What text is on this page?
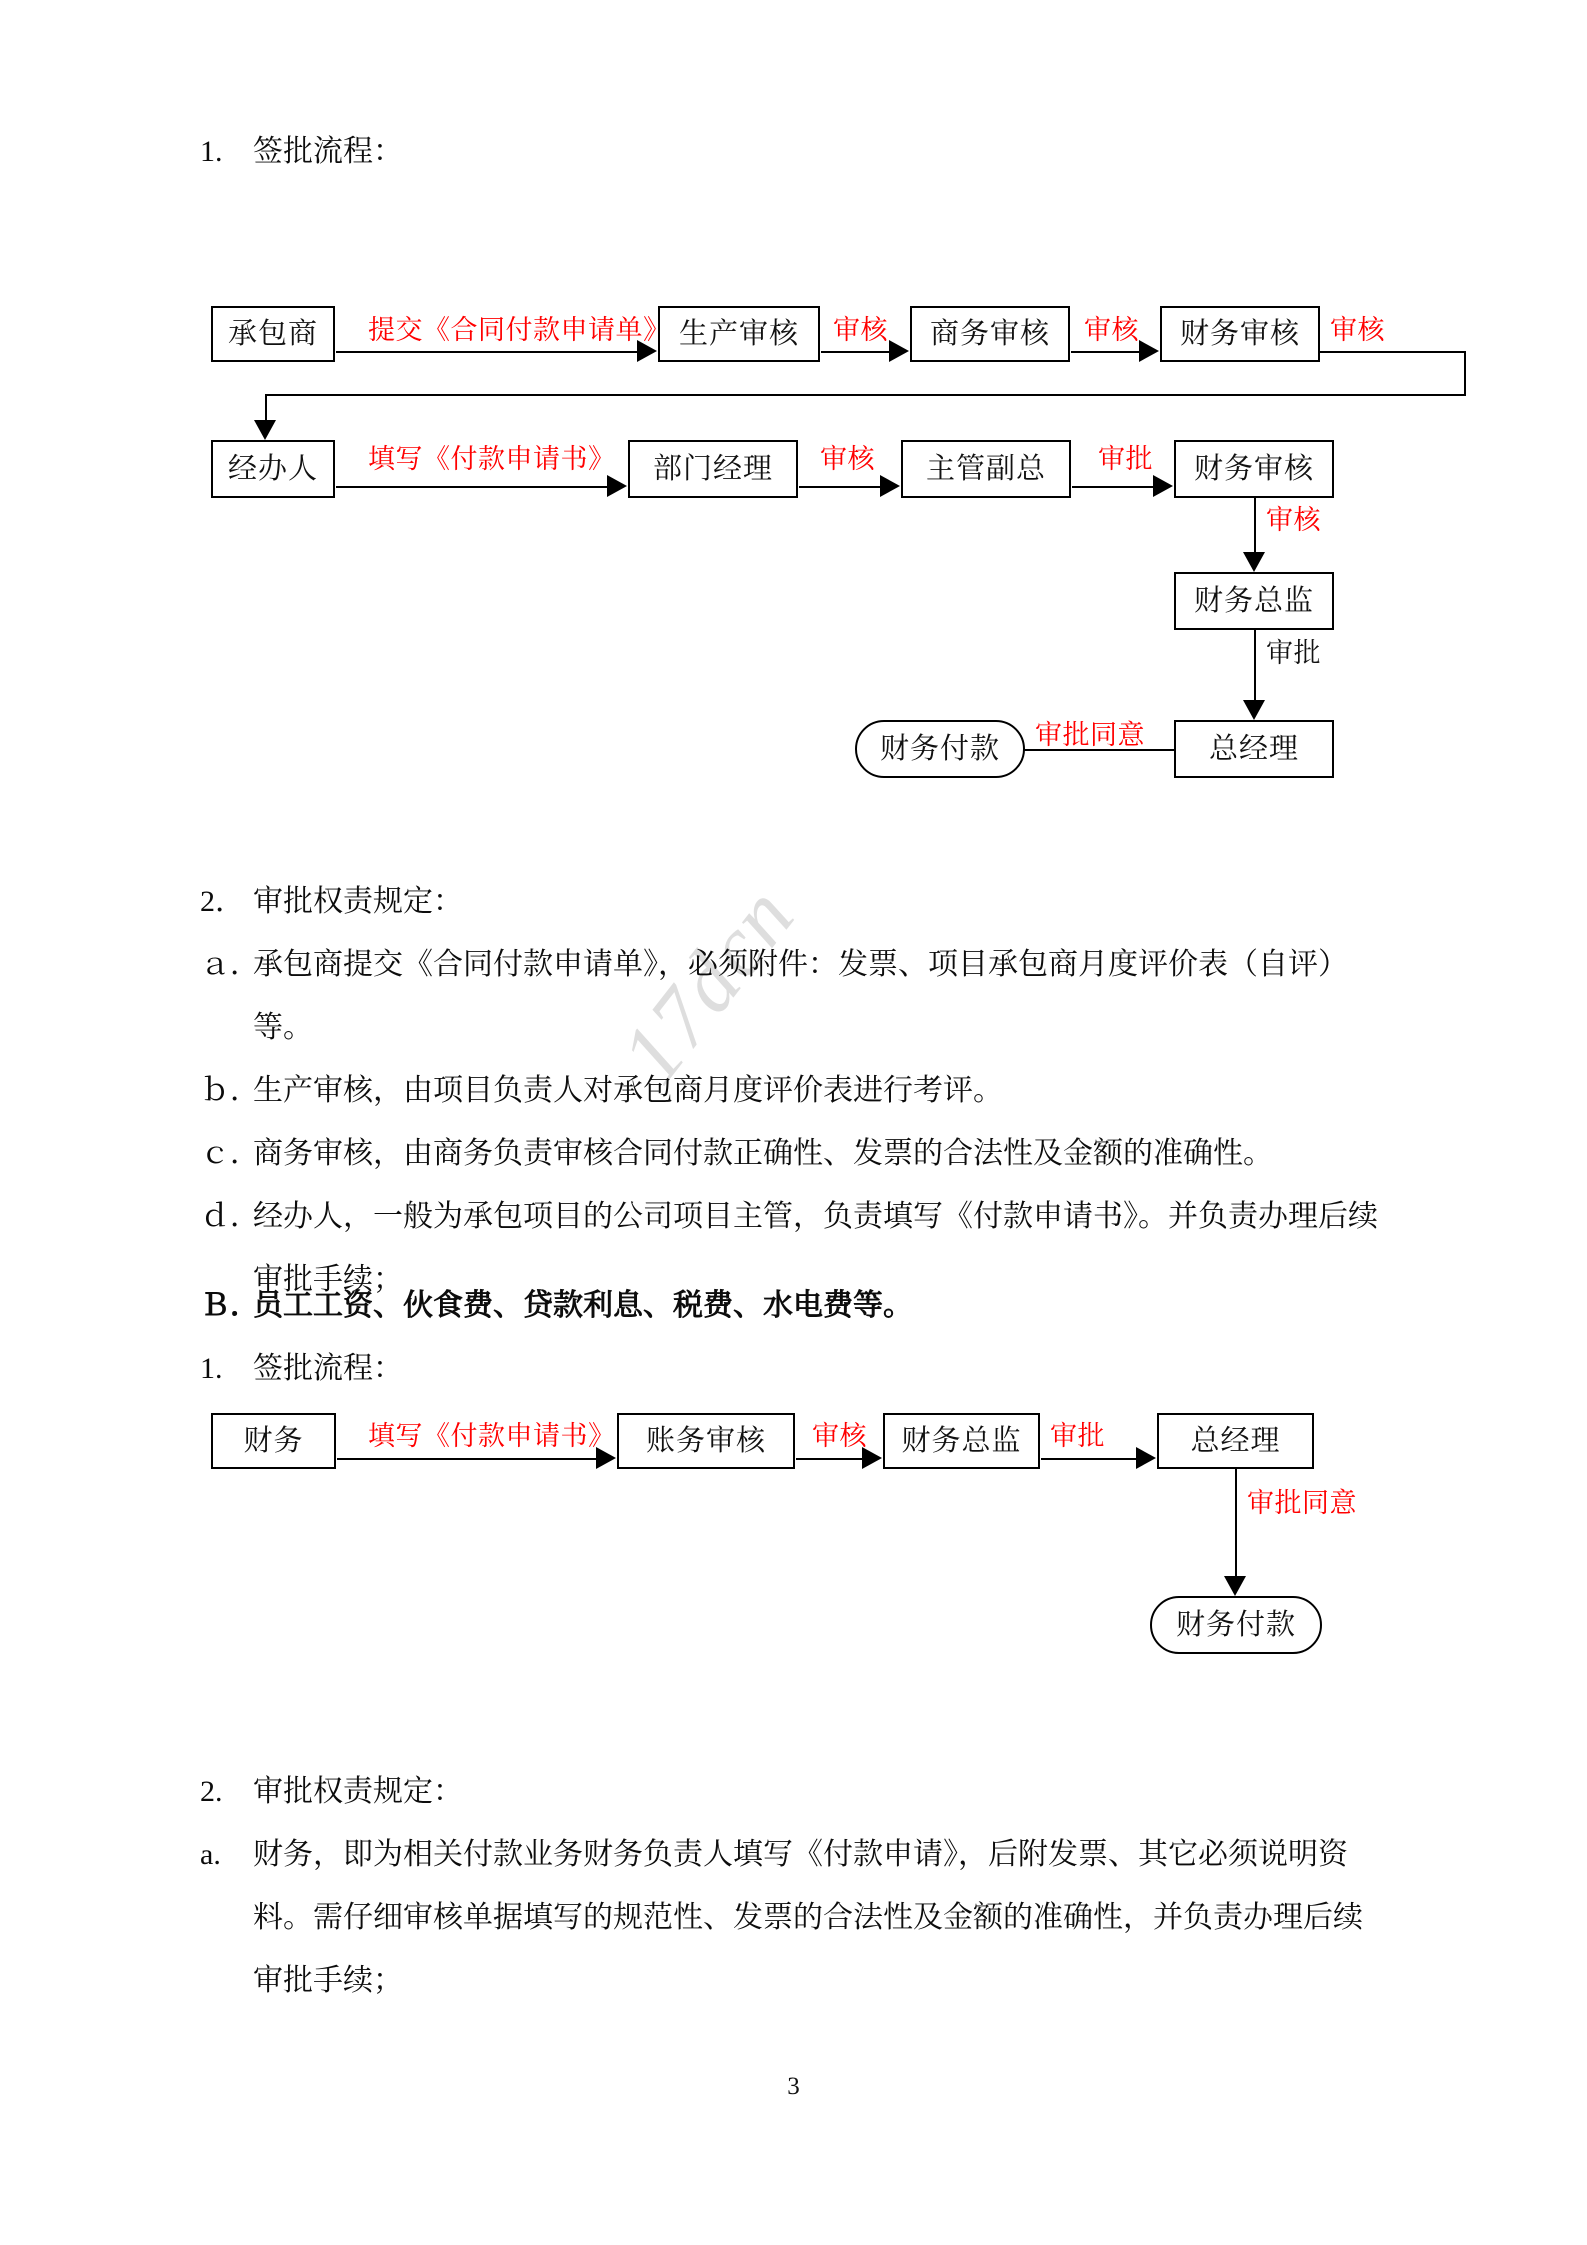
17dcn
1. 签批流程：
承包商	提交《合同付款申请单》 生产审核	审核	商务审核	审核	财务审核	审核
经办人	填写《付款申请书》	部门经理	审核	主管副总	审批	财务审核
审核
财务总监
审批
总经理
审批同意
财务付款
2． 审批权责规定：
ａ．
承包商提交《合同付款申请单》，必须附件：发票、项目承包商月度评价表（自评）等。
ｂ．
生产审核，由项目负责人对承包商月度评价表进行考评。
ｃ．
商务审核，由商务负责审核合同付款正确性、发票的合法性及金额的准确性。
ｄ．
经办人，一般为承包项目的公司项目主管，负责填写《付款申请书》。并负责办理后续审批手续；
Ｂ．
员工工资、伙食费、贷款利息、税费、水电费等。
1. 签批流程：
财务	填写《付款申请书》	账务审核	审核	财务总监	审批	总经理
审批同意
财务付款
2. 审批权责规定：
a. 财务，即为相关付款业务财务负责人填写《付款申请》，后附发票、其它必须说明资料。需仔细审核单据填写的规范性、发票的合法性及金额的准确性，并负责办理后续审批手续；
3
